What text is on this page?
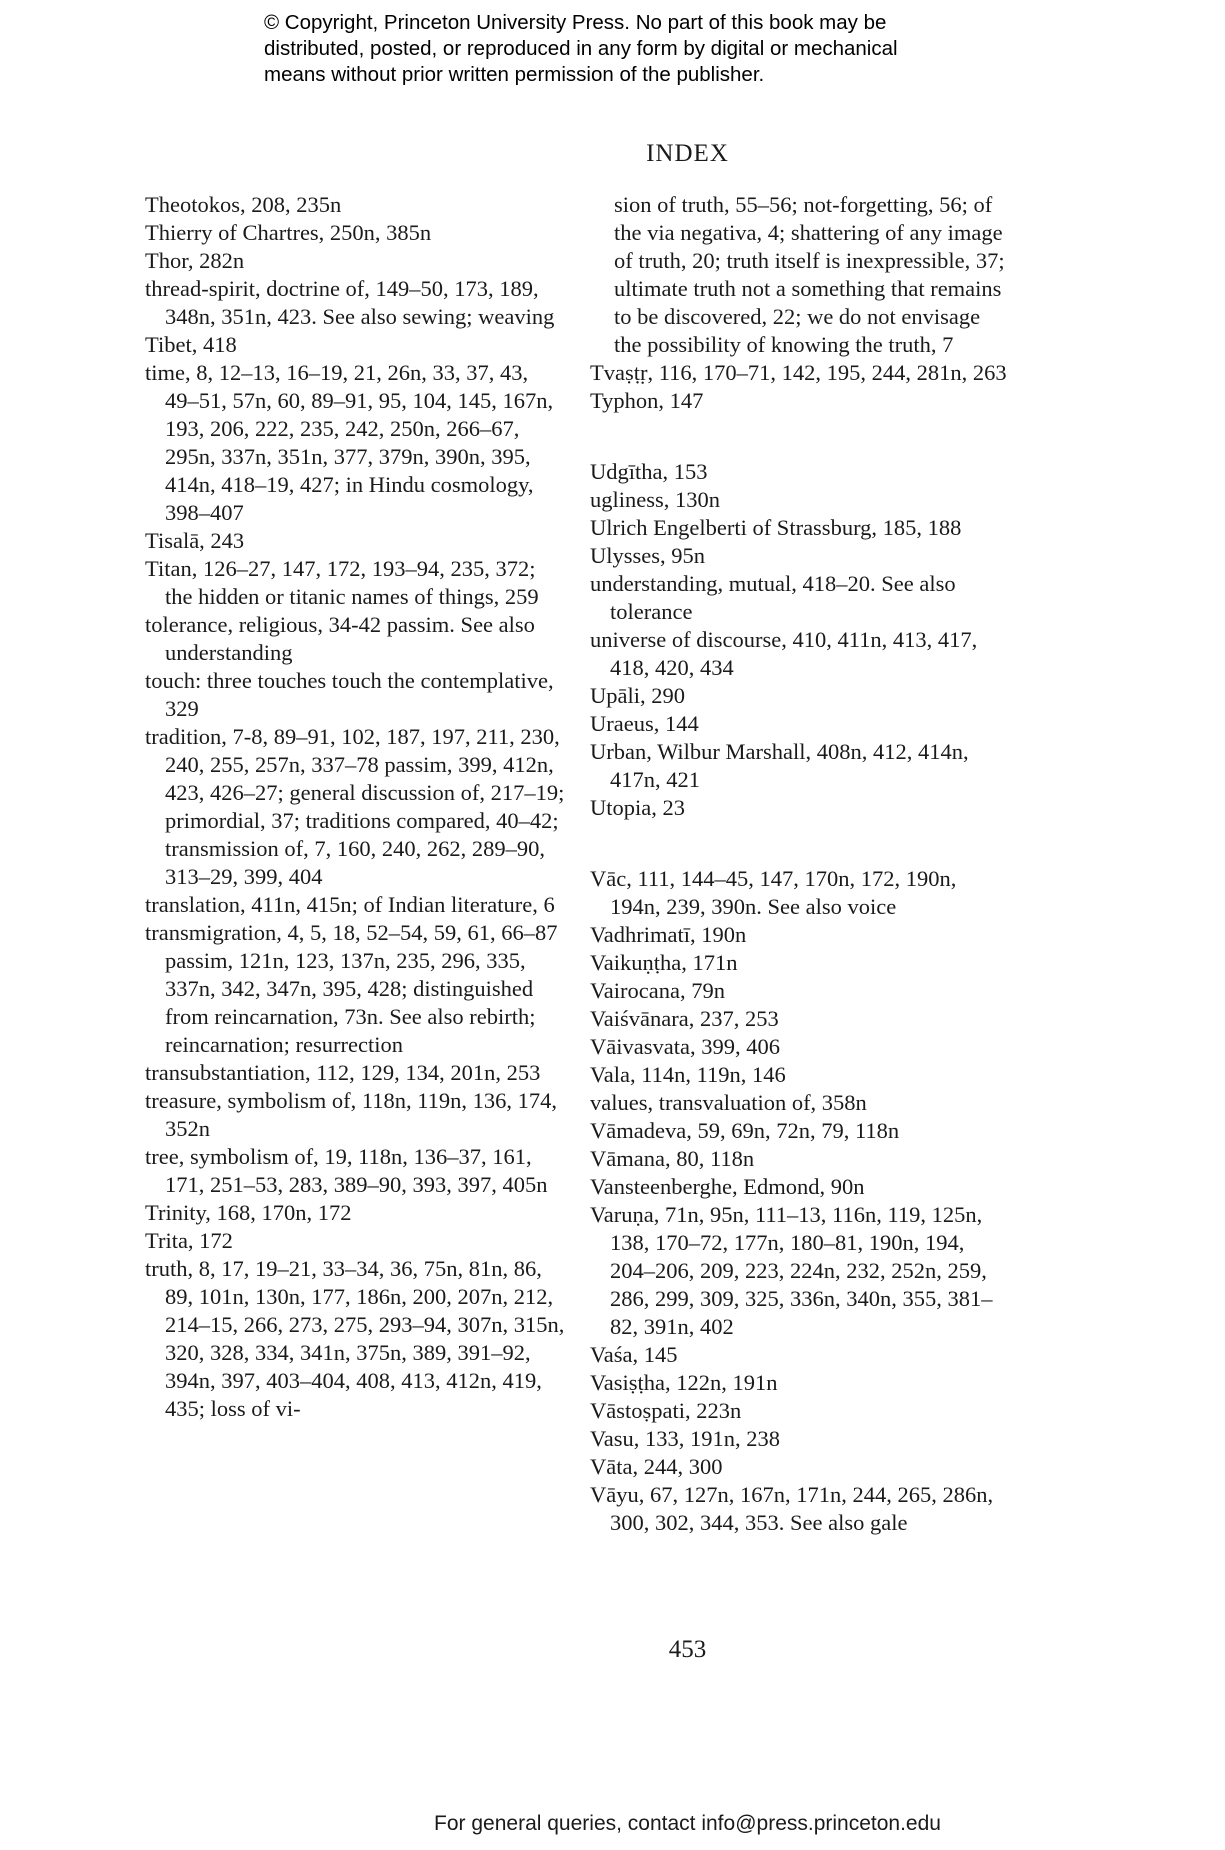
© Copyright, Princeton University Press. No part of this book may be
distributed, posted, or reproduced in any form by digital or mechanical
means without prior written permission of the publisher.
INDEX
Theotokos, 208, 235n
Thierry of Chartres, 250n, 385n
Thor, 282n
thread-spirit, doctrine of, 149–50, 173, 189, 348n, 351n, 423. See also sewing; weaving
Tibet, 418
time, 8, 12–13, 16–19, 21, 26n, 33, 37, 43, 49–51, 57n, 60, 89–91, 95, 104, 145, 167n, 193, 206, 222, 235, 242, 250n, 266–67, 295n, 337n, 351n, 377, 379n, 390n, 395, 414n, 418–19, 427; in Hindu cosmology, 398–407
Tisalā, 243
Titan, 126–27, 147, 172, 193–94, 235, 372; the hidden or titanic names of things, 259
tolerance, religious, 34-42 passim. See also understanding
touch: three touches touch the contemplative, 329
tradition, 7-8, 89–91, 102, 187, 197, 211, 230, 240, 255, 257n, 337–78 passim, 399, 412n, 423, 426–27; general discussion of, 217–19; primordial, 37; traditions compared, 40–42; transmission of, 7, 160, 240, 262, 289–90, 313–29, 399, 404
translation, 411n, 415n; of Indian literature, 6
transmigration, 4, 5, 18, 52–54, 59, 61, 66–87 passim, 121n, 123, 137n, 235, 296, 335, 337n, 342, 347n, 395, 428; distinguished from reincarnation, 73n. See also rebirth; reincarnation; resurrection
transubstantiation, 112, 129, 134, 201n, 253
treasure, symbolism of, 118n, 119n, 136, 174, 352n
tree, symbolism of, 19, 118n, 136–37, 161, 171, 251–53, 283, 389–90, 393, 397, 405n
Trinity, 168, 170n, 172
Trita, 172
truth, 8, 17, 19–21, 33–34, 36, 75n, 81n, 86, 89, 101n, 130n, 177, 186n, 200, 207n, 212, 214–15, 266, 273, 275, 293–94, 307n, 315n, 320, 328, 334, 341n, 375n, 389, 391–92, 394n, 397, 403–404, 408, 413, 412n, 419, 435; loss of vi-
sion of truth, 55–56; not-forgetting, 56; of the via negativa, 4; shattering of any image of truth, 20; truth itself is inexpressible, 37; ultimate truth not a something that remains to be discovered, 22; we do not envisage the possibility of knowing the truth, 7
Tvaṣṭṛ, 116, 170–71, 142, 195, 244, 281n, 263
Typhon, 147
Udgītha, 153
ugliness, 130n
Ulrich Engelberti of Strassburg, 185, 188
Ulysses, 95n
understanding, mutual, 418–20. See also tolerance
universe of discourse, 410, 411n, 413, 417, 418, 420, 434
Upāli, 290
Uraeus, 144
Urban, Wilbur Marshall, 408n, 412, 414n, 417n, 421
Utopia, 23
Vāc, 111, 144–45, 147, 170n, 172, 190n, 194n, 239, 390n. See also voice
Vadhrimatī, 190n
Vaikuṇṭha, 171n
Vairocana, 79n
Vaiśvānara, 237, 253
Vāivasvata, 399, 406
Vala, 114n, 119n, 146
values, transvaluation of, 358n
Vāmadeva, 59, 69n, 72n, 79, 118n
Vāmana, 80, 118n
Vansteenberghe, Edmond, 90n
Varuṇa, 71n, 95n, 111–13, 116n, 119, 125n, 138, 170–72, 177n, 180–81, 190n, 194, 204–206, 209, 223, 224n, 232, 252n, 259, 286, 299, 309, 325, 336n, 340n, 355, 381–82, 391n, 402
Vaśa, 145
Vasiṣṭha, 122n, 191n
Vāstoṣpati, 223n
Vasu, 133, 191n, 238
Vāta, 244, 300
Vāyu, 67, 127n, 167n, 171n, 244, 265, 286n, 300, 302, 344, 353. See also gale
453
For general queries, contact info@press.princeton.edu
